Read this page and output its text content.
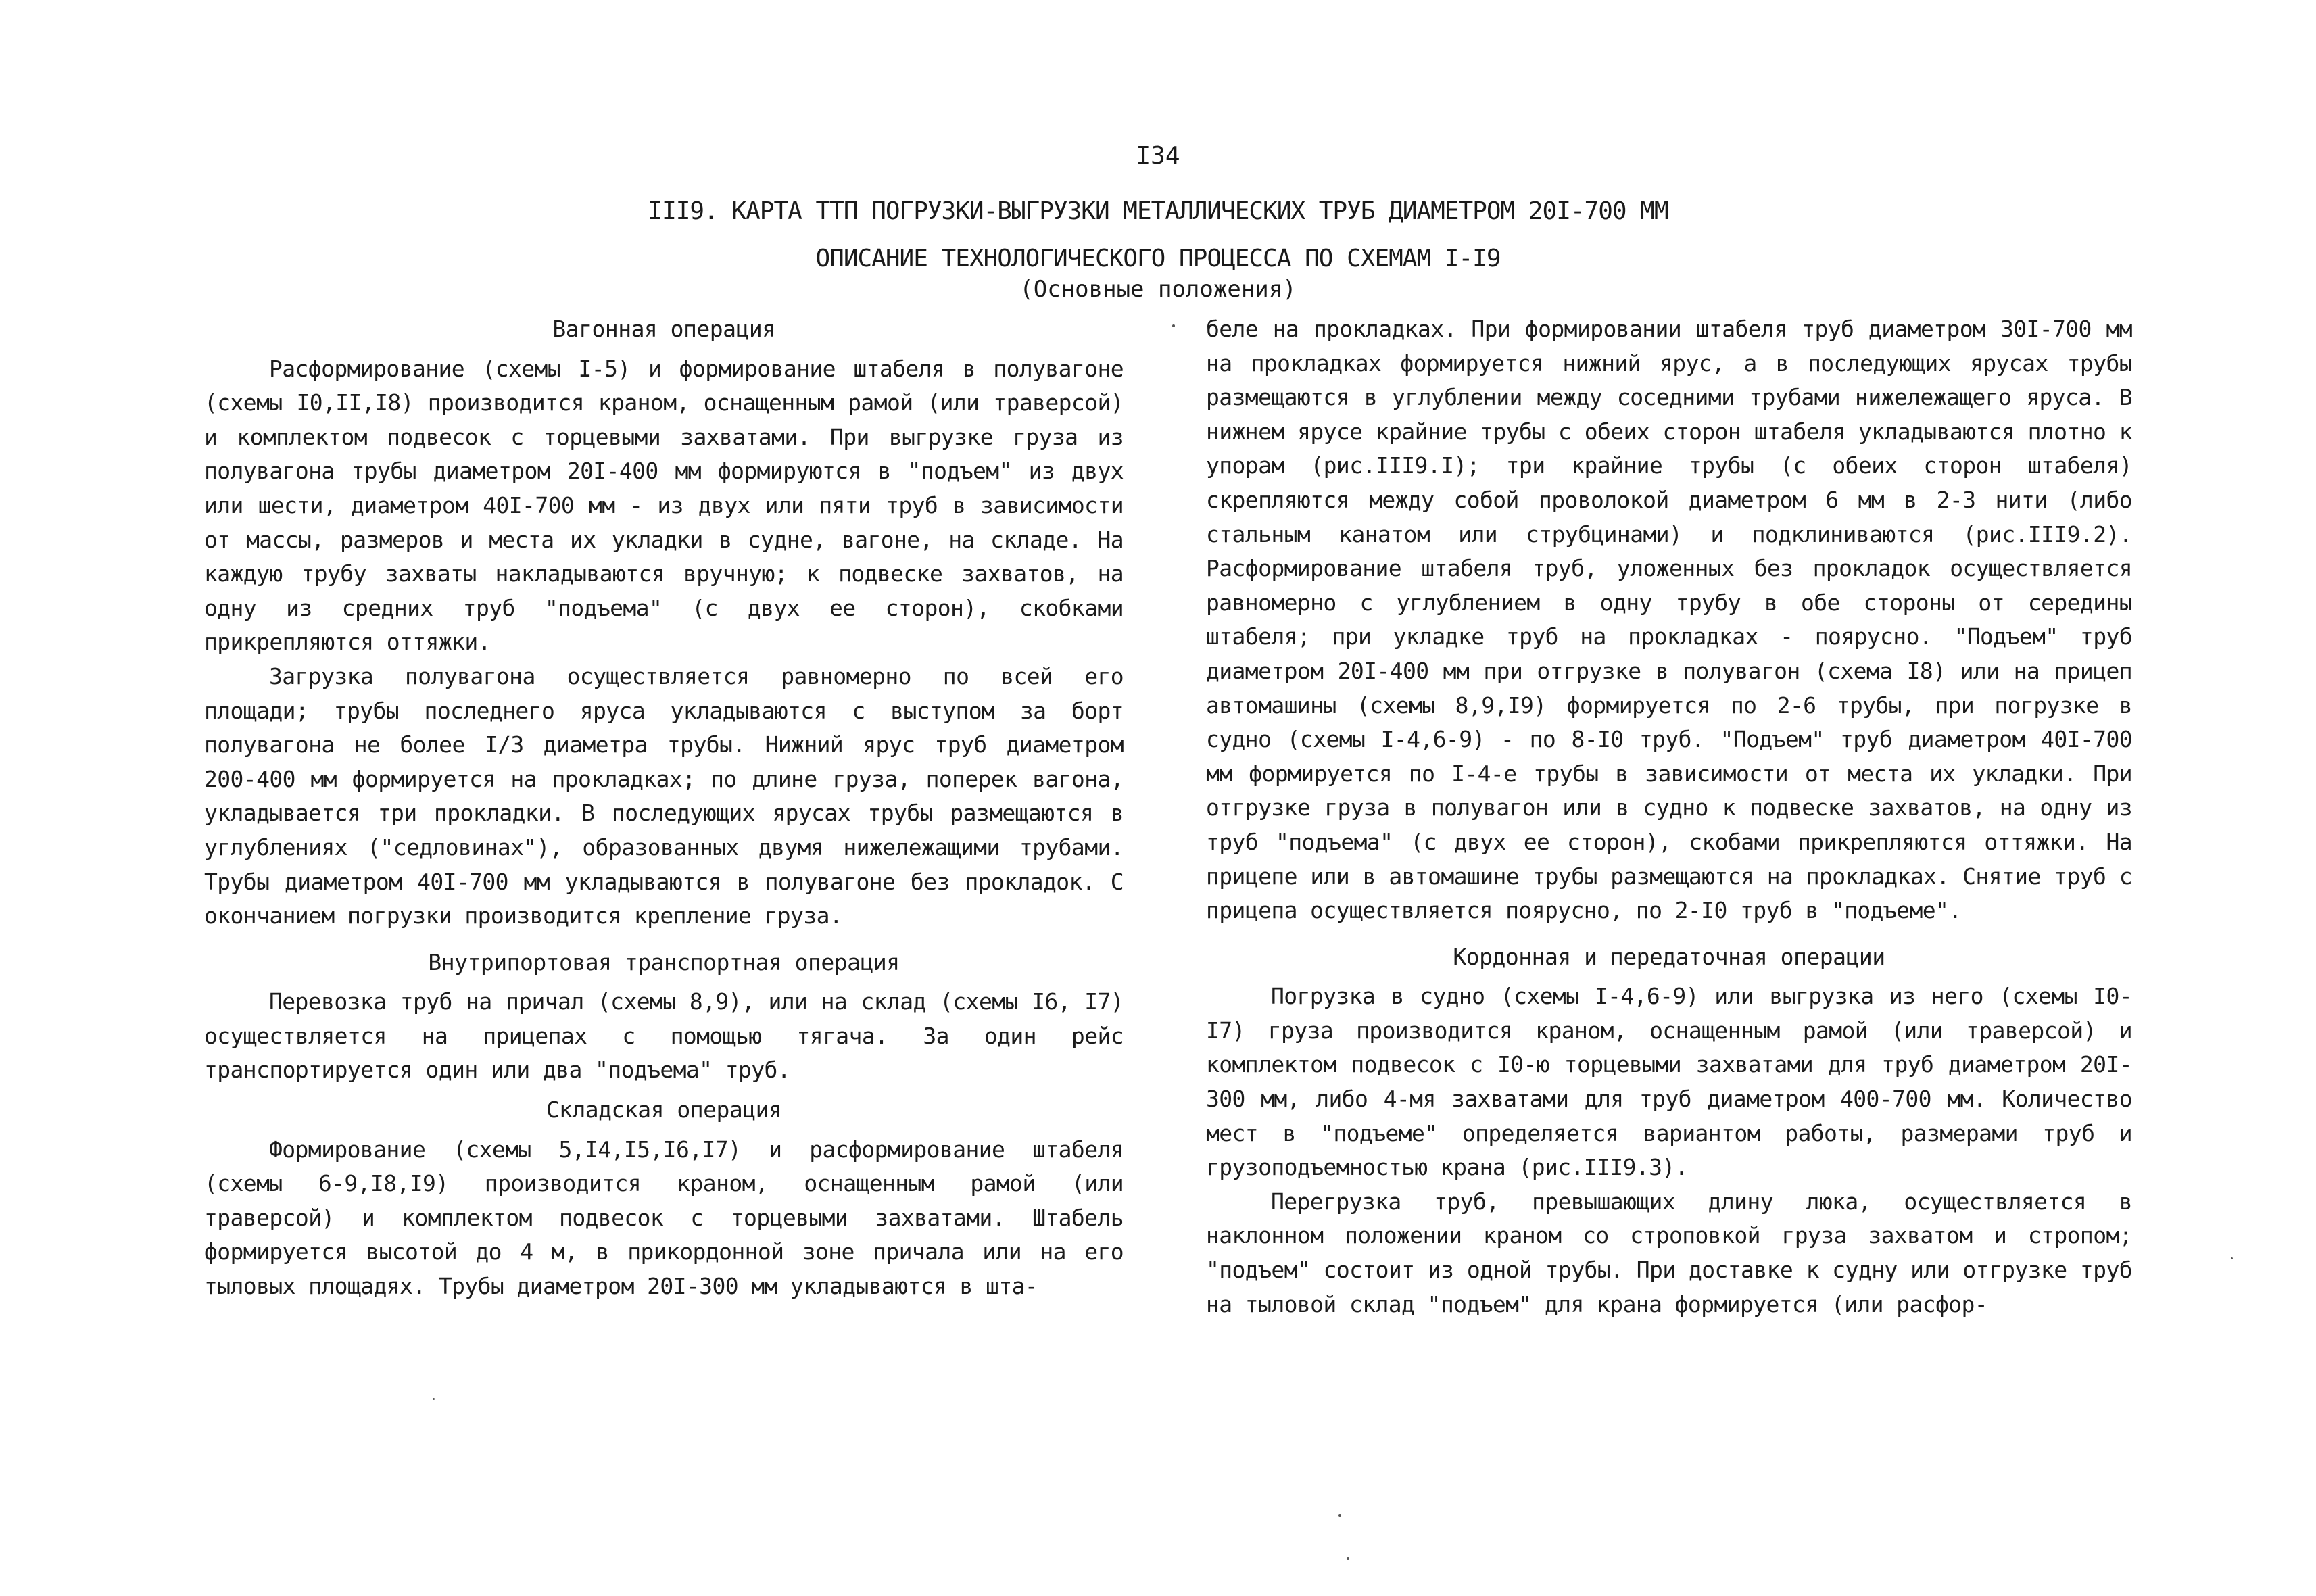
I34
III9. КАРТА ТТП ПОГРУЗКИ-ВЫГРУЗКИ МЕТАЛЛИЧЕСКИХ ТРУБ ДИАМЕТРОМ 20I-700 ММ
ОПИСАНИЕ ТЕХНОЛОГИЧЕСКОГО ПРОЦЕССА ПО СХЕМАМ I-I9
(Основные положения)
Вагонная операция

Расформирование (схемы I-5) и формирование штабеля в полувагоне (схемы I0,II,I8) производится краном, оснащенным рамой (или траверсой) и комплектом подвесок с торцевыми захватами. При выгрузке груза из полувагона трубы диаметром 20I-400 мм формируются в "подъем" из двух или шести, диаметром 40I-700 мм - из двух или пяти труб в зависимости от массы, размеров и места их укладки в судне, вагоне, на складе. На каждую трубу захваты накладываются вручную; к подвеске захватов, на одну из средних труб "подъема" (с двух ее сторон), скобками прикрепляются оттяжки.

Загрузка полувагона осуществляется равномерно по всей его площади; трубы последнего яруса укладываются с выступом за борт полувагона не более I/3 диаметра трубы. Нижний ярус труб диаметром 200-400 мм формируется на прокладках; по длине груза, поперек вагона, укладывается три прокладки. В последующих ярусах трубы размещаются в углублениях ("седловинах"), образованных двумя нижележащими трубами. Трубы диаметром 40I-700 мм укладываются в полувагоне без прокладок. С окончанием погрузки производится крепление груза.

Внутрипортовая транспортная операция

Перевозка труб на причал (схемы 8,9), или на склад (схемы I6, I7) осуществляется на прицепах с помощью тягача. За один рейс транспортируется один или два "подъема" труб.

Складская операция

Формирование (схемы 5,I4,I5,I6,I7) и расформирование штабеля (схемы 6-9,I8,I9) производится краном, оснащенным рамой (или траверсой) и комплектом подвесок с торцевыми захватами. Штабель формируется высотой до 4 м, в прикордонной зоне причала или на его тыловых площадях. Трубы диаметром 20I-300 мм укладываются в шта-

беле на прокладках. При формировании штабеля труб диаметром 30I-700 мм на прокладках формируется нижний ярус, а в последующих ярусах трубы размещаются в углублении между соседними трубами нижележащего яруса. В нижнем ярусе крайние трубы с обеих сторон штабеля укладываются плотно к упорам (рис.III9.I); три крайние трубы (с обеих сторон штабеля) скрепляются между собой проволокой диаметром 6 мм в 2-3 нити (либо стальным канатом или струбцинами) и подклиниваются (рис.III9.2). Расформирование штабеля труб, уложенных без прокладок осуществляется равномерно с углублением в одну трубу в обе стороны от середины штабеля; при укладке труб на прокладках - поярусно. "Подъем" труб диаметром 20I-400 мм при отгрузке в полувагон (схема I8) или на прицеп автомашины (схемы 8,9,I9) формируется по 2-6 трубы, при погрузке в судно (схемы I-4,6-9) - по 8-I0 труб. "Подъем" труб диаметром 40I-700 мм формируется по I-4-е трубы в зависимости от места их укладки. При отгрузке груза в полувагон или в судно к подвеске захватов, на одну из труб "подъема" (с двух ее сторон), скобами прикрепляются оттяжки. На прицепе или в автомашине трубы размещаются на прокладках. Снятие труб с прицепа осуществляется поярусно, по 2-I0 труб в "подъеме".

Кордонная и передаточная операции

Погрузка в судно (схемы I-4,6-9) или выгрузка из него (схемы I0-I7) груза производится краном, оснащенным рамой (или траверсой) и комплектом подвесок с I0-ю торцевыми захватами для труб диаметром 20I-300 мм, либо 4-мя захватами для труб диаметром 400-700 мм. Количество мест в "подъеме" определяется вариантом работы, размерами труб и грузоподъемностью крана (рис.III9.3).

Перегрузка труб, превышающих длину люка, осуществляется в наклонном положении краном со строповкой груза захватом и стропом; "подъем" состоит из одной трубы. При доставке к судну или отгрузке труб на тыловой склад "подъем" для крана формируется (или расфор-
